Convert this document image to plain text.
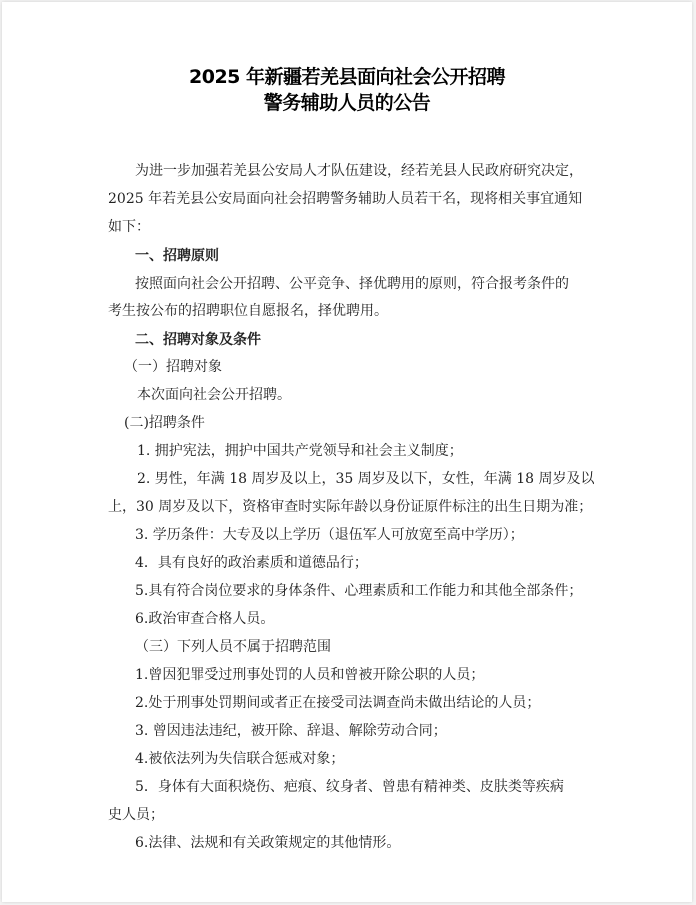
2025 年新疆若羌县面向社会公开招聘
警务辅助人员的公告
为进一步加强若羌县公安局人才队伍建设，经若羌县人民政府研究决定，
2025 年若羌县公安局面向社会招聘警务辅助人员若干名，现将相关事宜通知
如下：
一、招聘原则
按照面向社会公开招聘、公平竞争、择优聘用的原则，符合报考条件的
考生按公布的招聘职位自愿报名，择优聘用。
二、招聘对象及条件
（一）招聘对象
本次面向社会公开招聘。
(二)招聘条件
1. 拥护宪法，拥护中国共产党领导和社会主义制度；
2. 男性，年满 18 周岁及以上，35 周岁及以下，女性，年满 18 周岁及以
上，30 周岁及以下，资格审查时实际年龄以身份证原件标注的出生日期为准；
3. 学历条件：大专及以上学历（退伍军人可放宽至高中学历）；
4．具有良好的政治素质和道德品行；
5.具有符合岗位要求的身体条件、心理素质和工作能力和其他全部条件；
6.政治审查合格人员。
（三）下列人员不属于招聘范围
1.曾因犯罪受过刑事处罚的人员和曾被开除公职的人员；
2.处于刑事处罚期间或者正在接受司法调查尚未做出结论的人员；
3. 曾因违法违纪，被开除、辞退、解除劳动合同；
4.被依法列为失信联合惩戒对象；
5．身体有大面积烧伤、疤痕、纹身者、曾患有精神类、皮肤类等疾病
史人员；
6.法律、法规和有关政策规定的其他情形。
